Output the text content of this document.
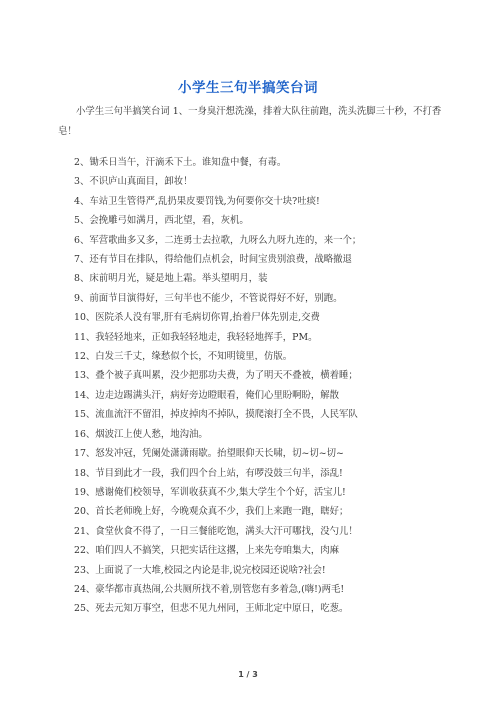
小学生三句半搞笑台词
小学生三句半搞笑台词 1、一身臭汗想洗澡，排着大队往前跑，洗头洗脚三十秒，不打香皂！
2、锄禾日当午，汗滴禾下土。谁知盘中餐，有毒。
3、不识庐山真面目，卸妆！
4、车站卫生管得严,乱扔果皮要罚钱,为何要你交十块?吐痰!
5、会挽雕弓如满月，西北望，看，灰机。
6、军营歌曲多又多，二连勇士去拉歌，九呀么九呀九连的，来一个；
7、还有节目在排队，得给他们点机会，时间宝贵别浪费，战略撤退
8、床前明月光，疑是地上霜。举头望明月，装
9、前面节目演得好，三句半也不能少，不管说得好不好，别跑。
10、医院杀人没有罪,肝有毛病切你胃,抬着尸体先别走,交费
11、我轻轻地来，正如我轻轻地走，我轻轻地挥手，PM。
12、白发三千丈，缘愁似个长，不知明镜里，仿版。
13、叠个被子真叫累，没少把那功夫费，为了明天不叠被，横着睡；
14、边走边踢满头汗，病好旁边瞪眼看，俺们心里盼啊盼，解散
15、流血流汗不留泪，掉皮掉肉不掉队，摸爬滚打全不畏，人民军队
16、烟波江上使人愁，地沟油。
17、怒发冲冠，凭阑处潇潇雨歇。抬望眼仰天长啸，切~切~切~
18、节目到此才一段，我们四个台上站，有啰没鼓三句半，添乱!
19、感谢俺们校领导，军训收获真不少,集大学生个个好，活宝儿!
20、首长老师晚上好，今晚观众真不少，我们上来跑一跑，瞎好；
21、食堂伙食不得了，一日三餐能吃饱，满头大汗可哪找，没勺儿！
22、咱们四人不搞笑，只把实话往这撂，上来先夸咱集大，肉麻
23、上面说了一大堆,校园之内论是非,说完校园还说啥?社会!
24、豪华都市真热闹,公共厕所找不着,别管您有多着急,(嗨!)两毛!
25、死去元知万事空，但悲不见九州同，王师北定中原日，吃葱。
1 / 3
